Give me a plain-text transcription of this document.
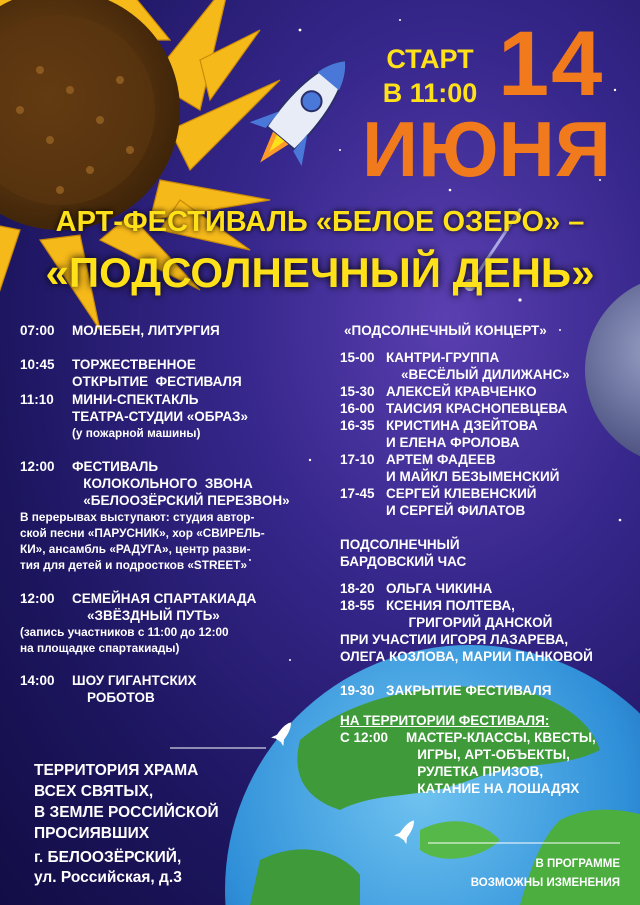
СТАРТ
В 11:00 14
ИЮНЯ
АРТ-ФЕСТИВАЛЬ «БЕЛОЕ ОЗЕРО» –
«ПОДСОЛНЕЧНЫЙ ДЕНЬ»
07:00	МОЛЕБЕН, ЛИТУРГИЯ
10:45	ТОРЖЕСТВЕННОЕ
ОТКРЫТИЕ  ФЕСТИВАЛЯ
11:10	МИНИ-СПЕКТАКЛЬ
ТЕАТРА-СТУДИИ «ОБРАЗ»
(у пожарной машины)
12:00	ФЕСТИВАЛЬ
КОЛОКОЛЬНОГО  ЗВОНА
«БЕЛООЗЁРСКИЙ ПЕРЕЗВОН»
В перерывах выступают: студия автор-
ской песни «ПАРУСНИК», хор «СВИРЕЛЬ-
КИ», ансамбль «РАДУГА», центр разви-
тия для детей и подростков «STREET»
12:00	СЕМЕЙНАЯ СПАРТАКИАДА
«ЗВЁЗДНЫЙ ПУТЬ»
(запись участников с 11:00 до 12:00
на площадке спартакиады)
14:00	ШОУ ГИГАНТСКИХ
РОБОТОВ
«ПОДСОЛНЕЧНЫЙ КОНЦЕРТ»
15-00 КАНТРИ-ГРУППА
«ВЕСЁЛЫЙ ДИЛИЖАНС»
15-30 АЛЕКСЕЙ КРАВЧЕНКО
16-00 ТАИСИЯ КРАСНОПЕВЦЕВА
16-35 КРИСТИНА ДЗЕЙТОВА
И ЕЛЕНА ФРОЛОВА
17-10 АРТЕМ ФАДЕЕВ
И МАЙКЛ БЕЗЫМЕНСКИЙ
17-45 СЕРГЕЙ КЛЕВЕНСКИЙ
И СЕРГЕЙ ФИЛАТОВ
ПОДСОЛНЕЧНЫЙ
БАРДОВСКИЙ ЧАС
18-20 ОЛЬГА ЧИКИНА
18-55 КСЕНИЯ ПОЛТЕВА,
ГРИГОРИЙ ДАНСКОЙ
ПРИ УЧАСТИИ ИГОРЯ ЛАЗАРЕВА,
ОЛЕГА КОЗЛОВА, МАРИИ ПАНКОВОЙ
19-30 ЗАКРЫТИЕ ФЕСТИВАЛЯ
НА ТЕРРИТОРИИ ФЕСТИВАЛЯ:
С 12:00	МАСТЕР-КЛАССЫ, КВЕСТЫ,
ИГРЫ, АРТ-ОБЪЕКТЫ,
РУЛЕТКА ПРИЗОВ,
КАТАНИЕ НА ЛОШАДЯХ
ТЕРРИТОРИЯ ХРАМА
ВСЕХ СВЯТЫХ,
В ЗЕМЛЕ РОССИЙСКОЙ
ПРОСИЯВШИХ
г. БЕЛООЗЁРСКИЙ,
ул. Российская, д.3
В ПРОГРАММЕ
ВОЗМОЖНЫ ИЗМЕНЕНИЯ
